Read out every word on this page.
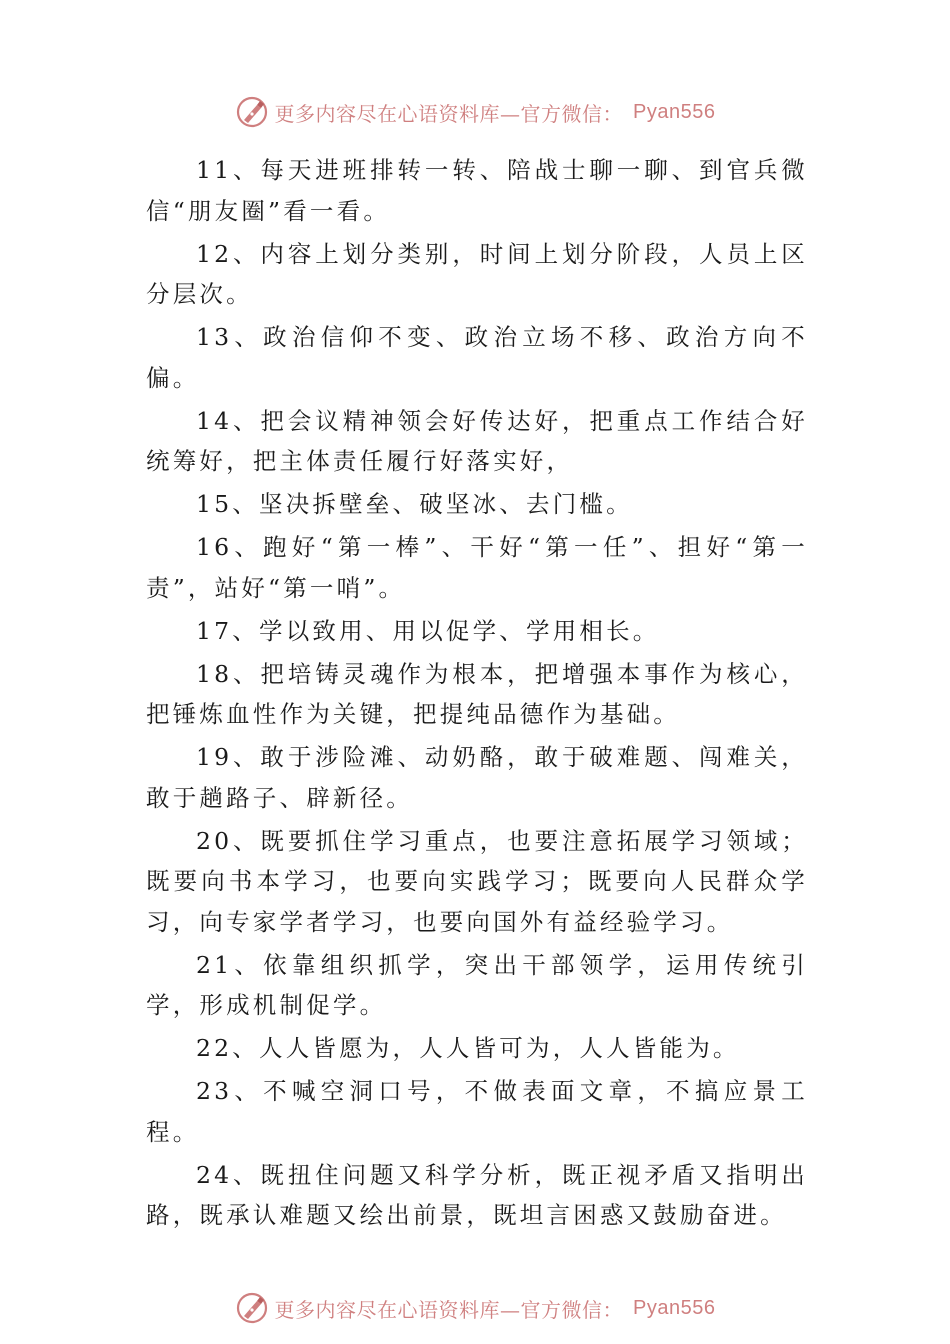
更多内容尽在心语资料库—官方微信： Pyan556

11、每天进班排转一转、陪战士聊一聊、到官兵微信“朋友圈”看一看。

12、内容上划分类别，时间上划分阶段，人员上区分层次。

13、政治信仰不变、政治立场不移、政治方向不偏。

14、把会议精神领会好传达好，把重点工作结合好统筹好，把主体责任履行好落实好，

15、坚决拆壁垒、破坚冰、去门槛。

16、跑好“第一棒”、干好“第一任”、担好“第一责”，站好“第一哨”。

17、学以致用、用以促学、学用相长。

18、把培铸灵魂作为根本，把增强本事作为核心，把锤炼血性作为关键，把提纯品德作为基础。

19、敢于涉险滩、动奶酪，敢于破难题、闯难关，敢于趟路子、辟新径。

20、既要抓住学习重点，也要注意拓展学习领域；既要向书本学习，也要向实践学习；既要向人民群众学习，向专家学者学习，也要向国外有益经验学习。

21、依靠组织抓学，突出干部领学，运用传统引学，形成机制促学。

22、人人皆愿为，人人皆可为，人人皆能为。

23、不喊空洞口号，不做表面文章，不搞应景工程。

24、既扭住问题又科学分析，既正视矛盾又指明出路，既承认难题又绘出前景，既坦言困惑又鼓励奋进。

更多内容尽在心语资料库—官方微信： Pyan556
